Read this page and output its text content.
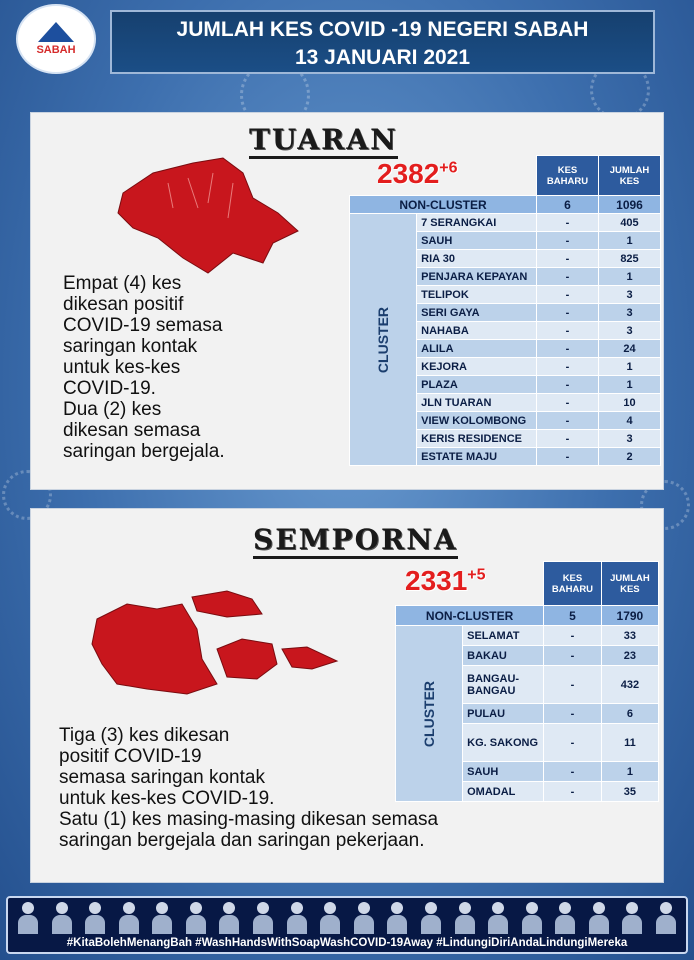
SABAH
JUMLAH KES COVID -19 NEGERI SABAH
13 JANUARI 2021
TUARAN
$2382^{+6}$
Empat (4) kes
dikesan positif
COVID-19 semasa
saringan kontak
untuk kes-kes
COVID-19.
Dua (2) kes
dikesan semasa
saringan bergejala.
		KES BAHARU	JUMLAH KES
NON-CLUSTER		6	1096
CLUSTER	7 SERANGKAI	-	405
	SAUH	-	1
	RIA 30	-	825
	PENJARA KEPAYAN	-	1
	TELIPOK	-	3
	SERI GAYA	-	3
	NAHABA	-	3
	ALILA	-	24
	KEJORA	-	1
	PLAZA	-	1
	JLN TUARAN	-	10
	VIEW KOLOMBONG	-	4
	KERIS RESIDENCE	-	3
	ESTATE MAJU	-	2
SEMPORNA
$2331^{+5}$
Tiga (3) kes dikesan
positif COVID-19
semasa saringan kontak
untuk kes-kes COVID-19.
Satu (1) kes masing-masing dikesan semasa
saringan bergejala dan saringan pekerjaan.
		KES BAHARU	JUMLAH KES
NON-CLUSTER		5	1790
CLUSTER	SELAMAT	-	33
	BAKAU	-	23
	BANGAU-BANGAU	-	432
	PULAU	-	6
	KG. SAKONG	-	11
	SAUH	-	1
	OMADAL	-	35
#KitaBolehMenangBah #WashHandsWithSoapWashCOVID-19Away #LindungiDiriAndaLindungiMereka
